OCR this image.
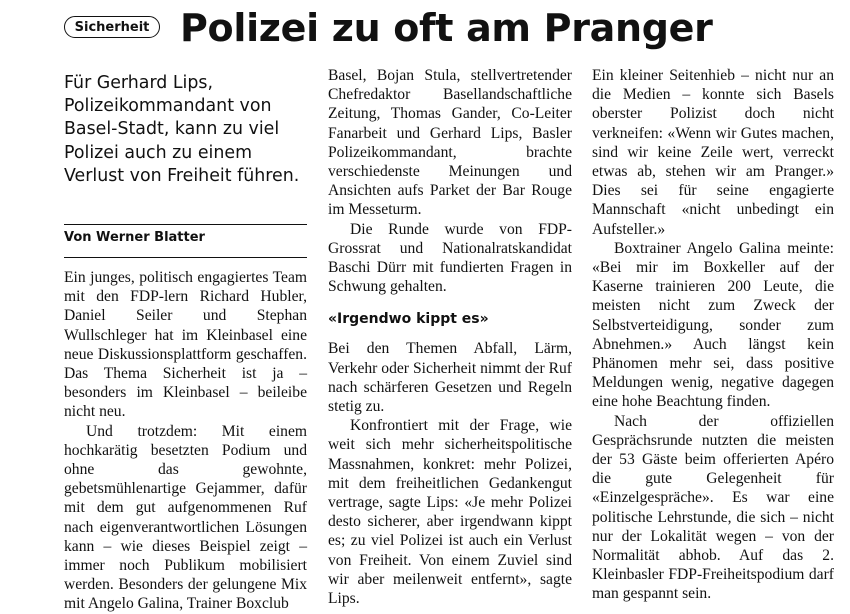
Sicherheit Polizei zu oft am Pranger

Für Gerhard Lips, Polizeikommandant von Basel-Stadt, kann zu viel Polizei auch zu einem Verlust von Freiheit führen.

Von Werner Blatter

Ein junges, politisch engagiertes Team mit den FDP-lern Richard Hubler, Daniel Seiler und Stephan Wullschleger hat im Kleinbasel eine neue Diskussionsplattform geschaffen. Das Thema Sicherheit ist ja – besonders im Kleinbasel – beileibe nicht neu.

Und trotzdem: Mit einem hochkarätig besetzten Podium und ohne das gewohnte, gebetsmühlenartige Gejammer, dafür mit dem gut aufgenommenen Ruf nach eigenverantwortlichen Lösungen kann – wie dieses Beispiel zeigt – immer noch Publikum mobilisiert werden. Besonders der gelungene Mix mit Angelo Galina, Trainer Boxclub

Basel, Bojan Stula, stellvertretender Chefredaktor Basellandschaftliche Zeitung, Thomas Gander, Co-Leiter Fanarbeit und Gerhard Lips, Basler Polizeikommandant, brachte verschiedenste Meinungen und Ansichten aufs Parket der Bar Rouge im Messeturm.

Die Runde wurde von FDP-Grossrat und Nationalratskandidat Baschi Dürr mit fundierten Fragen in Schwung gehalten.

«Irgendwo kippt es»

Bei den Themen Abfall, Lärm, Verkehr oder Sicherheit nimmt der Ruf nach schärferen Gesetzen und Regeln stetig zu.

Konfrontiert mit der Frage, wie weit sich mehr sicherheitspolitische Massnahmen, konkret: mehr Polizei, mit dem freiheitlichen Gedankengut vertrage, sagte Lips: «Je mehr Polizei desto sicherer, aber irgendwann kippt es; zu viel Polizei ist auch ein Verlust von Freiheit. Von einem Zuviel sind wir aber meilenweit entfernt», sagte Lips.

Ein kleiner Seitenhieb – nicht nur an die Medien – konnte sich Basels oberster Polizist doch nicht verkneifen: «Wenn wir Gutes machen, sind wir keine Zeile wert, verreckt etwas ab, stehen wir am Pranger.» Dies sei für seine engagierte Mannschaft «nicht unbedingt ein Aufsteller.»

Boxtrainer Angelo Galina meinte: «Bei mir im Boxkeller auf der Kaserne trainieren 200 Leute, die meisten nicht zum Zweck der Selbstverteidigung, sonder zum Abnehmen.» Auch längst kein Phänomen mehr sei, dass positive Meldungen wenig, negative dagegen eine hohe Beachtung finden.

Nach der offiziellen Gesprächsrunde nutzten die meisten der 53 Gäste beim offerierten Apéro die gute Gelegenheit für «Einzelgespräche». Es war eine politische Lehrstunde, die sich – nicht nur der Lokalität wegen – von der Normalität abhob. Auf das 2. Kleinbasler FDP-Freiheitspodium darf man gespannt sein.
